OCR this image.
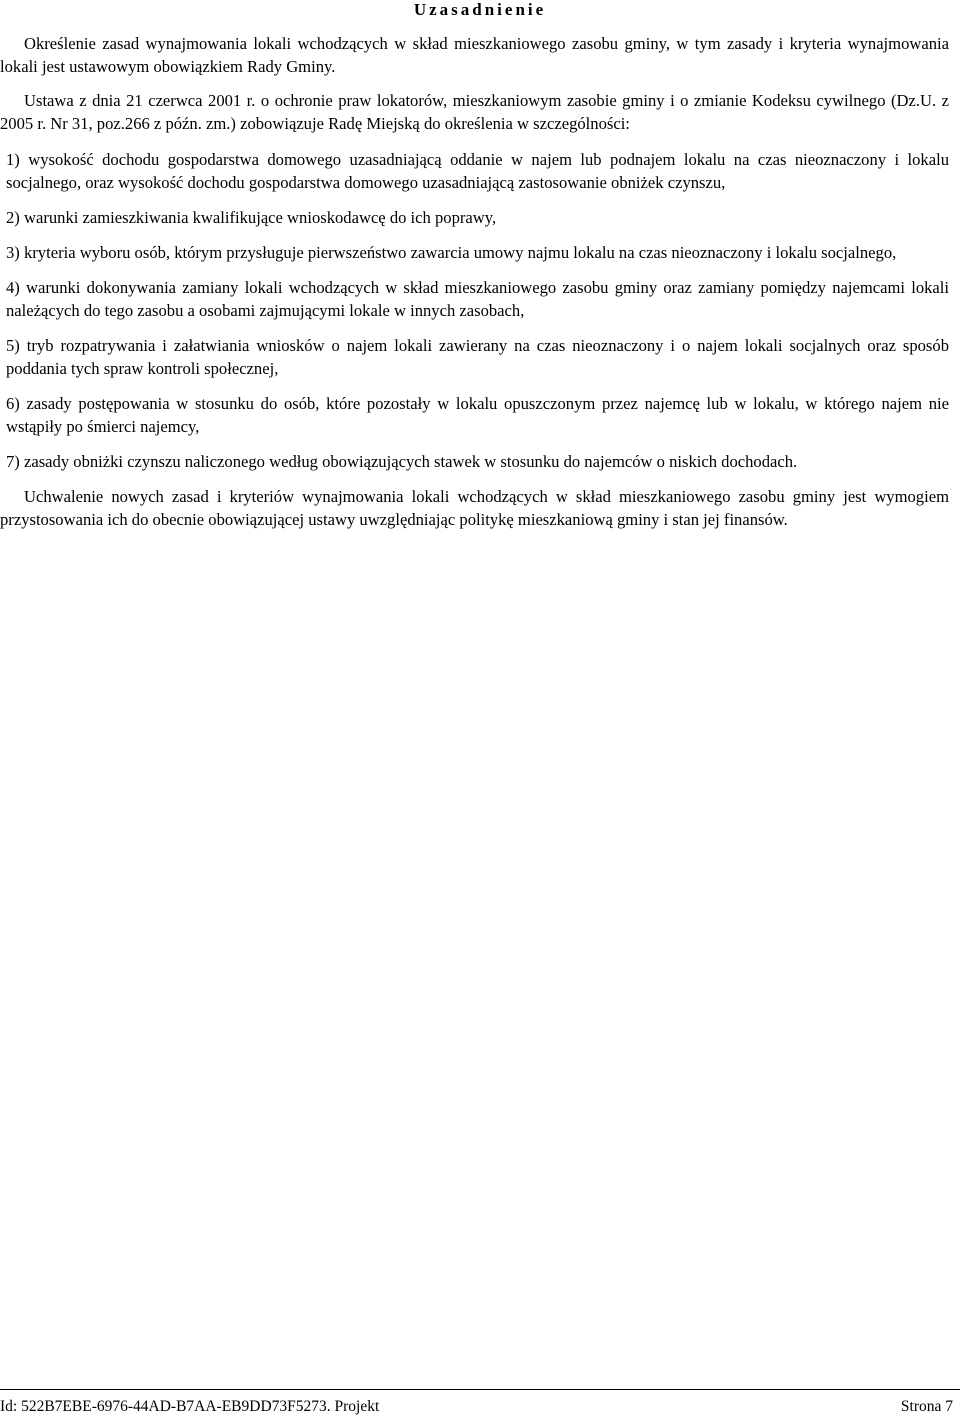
Uzasadnienie

Określenie zasad wynajmowania lokali wchodzących w skład mieszkaniowego zasobu gminy, w tym zasady i kryteria wynajmowania lokali jest ustawowym obowiązkiem Rady Gminy.

Ustawa z dnia 21 czerwca 2001 r. o ochronie praw lokatorów, mieszkaniowym zasobie gminy i o zmianie Kodeksu cywilnego (Dz.U. z 2005 r. Nr 31, poz.266 z późn. zm.) zobowiązuje Radę Miejską do określenia w szczególności:

1) wysokość dochodu gospodarstwa domowego uzasadniającą oddanie w najem lub podnajem lokalu na czas nieoznaczony i lokalu socjalnego, oraz wysokość dochodu gospodarstwa domowego uzasadniającą zastosowanie obniżek czynszu,

2) warunki zamieszkiwania kwalifikujące wnioskodawcę do ich poprawy,

3) kryteria wyboru osób, którym przysługuje pierwszeństwo zawarcia umowy najmu lokalu na czas nieoznaczony i lokalu socjalnego,

4) warunki dokonywania zamiany lokali wchodzących w skład mieszkaniowego zasobu gminy oraz zamiany pomiędzy najemcami lokali należących do tego zasobu a osobami zajmującymi lokale w innych zasobach,

5) tryb rozpatrywania i załatwiania wniosków o najem lokali zawierany na czas nieoznaczony i o najem lokali socjalnych oraz sposób poddania tych spraw kontroli społecznej,

6) zasady postępowania w stosunku do osób, które pozostały w lokalu opuszczonym przez najemcę lub w lokalu, w którego najem nie wstąpiły po śmierci najemcy,

7) zasady obniżki czynszu naliczonego według obowiązujących stawek w stosunku do najemców o niskich dochodach.

Uchwalenie nowych zasad i kryteriów wynajmowania lokali wchodzących w skład mieszkaniowego zasobu gminy jest wymogiem przystosowania ich do obecnie obowiązującej ustawy uwzględniając politykę mieszkaniową gminy i stan jej finansów.

Id: 522B7EBE-6976-44AD-B7AA-EB9DD73F5273. Projekt	Strona 7
